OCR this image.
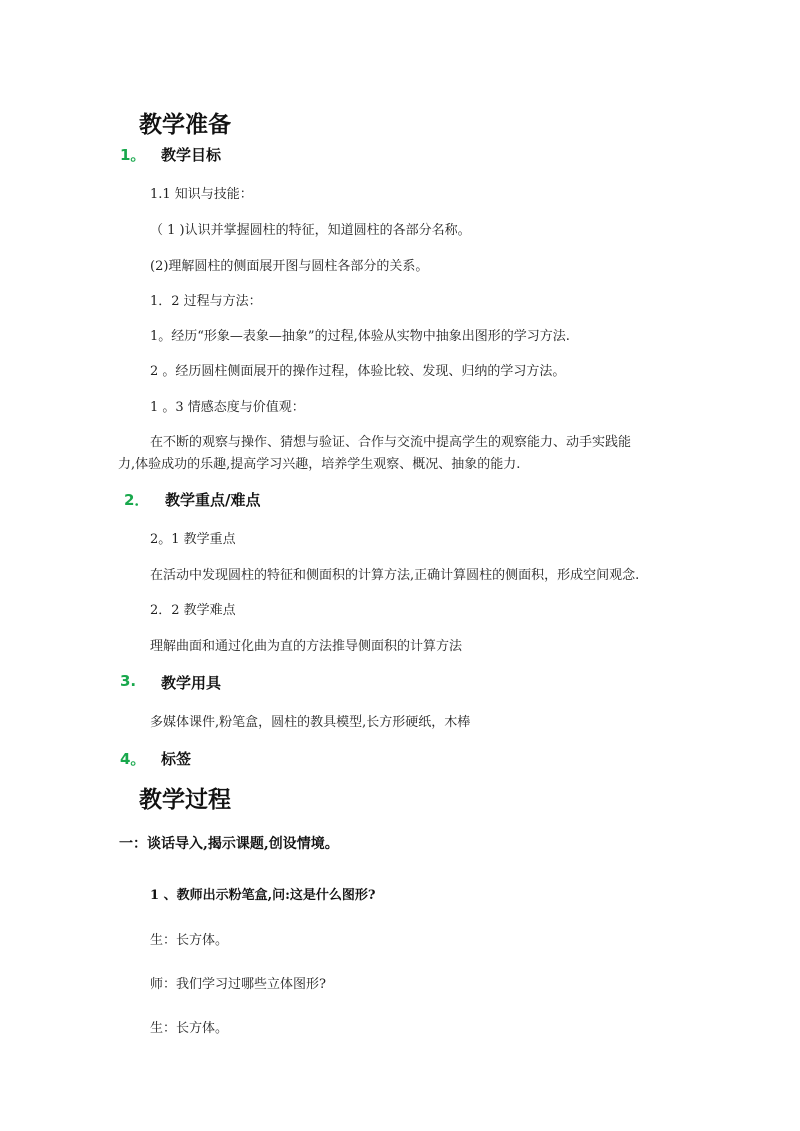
教学准备
1。 教学目标
1.1 知识与技能：
（ 1 )认识并掌握圆柱的特征，知道圆柱的各部分名称。
(2)理解圆柱的侧面展开图与圆柱各部分的关系。
1．2 过程与方法：
1。经历“形象—表象—抽象”的过程,体验从实物中抽象出图形的学习方法.
2 。经历圆柱侧面展开的操作过程，体验比较、发现、归纳的学习方法。
1 。3 情感态度与价值观：
在不断的观察与操作、猜想与验证、合作与交流中提高学生的观察能力、动手实践能
力,体验成功的乐趣,提高学习兴趣，培养学生观察、概况、抽象的能力.
2． 教学重点/难点
2。1 教学重点
在活动中发现圆柱的特征和侧面积的计算方法,正确计算圆柱的侧面积，形成空间观念.
2．2 教学难点
理解曲面和通过化曲为直的方法推导侧面积的计算方法
3. 教学用具
多媒体课件,粉笔盒，圆柱的教具模型,长方形硬纸，木棒
4。 标签
教学过程
一：谈话导入,揭示课题,创设情境。
1 、教师出示粉笔盒,问:这是什么图形?
生：长方体。
师：我们学习过哪些立体图形?
生：长方体。
